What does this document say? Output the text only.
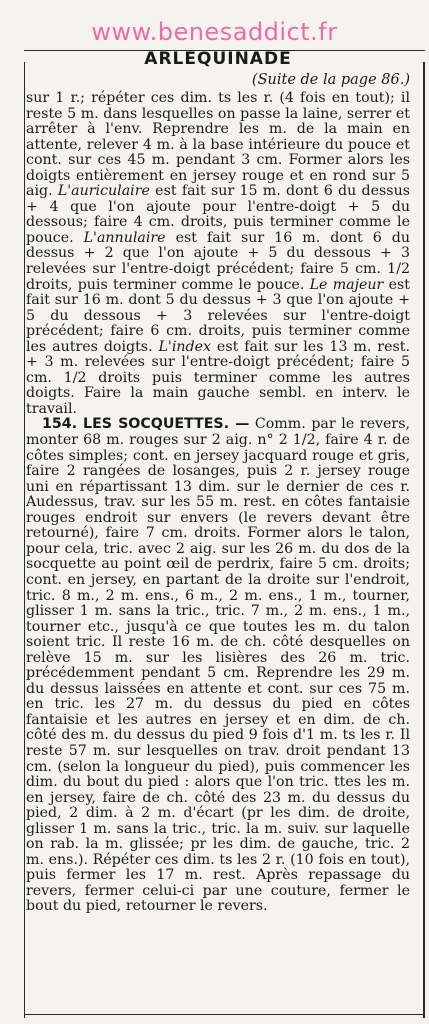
www.benesaddict.fr
ARLEQUINADE
(Suite de la page 86.)

sur 1 r.; répéter ces dim. ts les r. (4 fois en tout); il reste 5 m. dans lesquelles on passe la laine, serrer et arrêter à l'env. Reprendre les m. de la main en attente, relever 4 m. à la base intérieure du pouce et cont. sur ces 45 m. pendant 3 cm. Former alors les doigts entièrement en jersey rouge et en rond sur 5 aig. L'auriculaire est fait sur 15 m. dont 6 du dessus + 4 que l'on ajoute pour l'entre-doigt + 5 du dessous; faire 4 cm. droits, puis terminer comme le pouce. L'annulaire est fait sur 16 m. dont 6 du dessus + 2 que l'on ajoute + 5 du dessous + 3 relevées sur l'entre-doigt précédent; faire 5 cm. 1/2 droits, puis terminer comme le pouce. Le majeur est fait sur 16 m. dont 5 du dessus + 3 que l'on ajoute + 5 du dessous + 3 relevées sur l'entre-doigt précédent; faire 6 cm. droits, puis terminer comme les autres doigts. L'index est fait sur les 13 m. rest. + 3 m. relevées sur l'entre-doigt précédent; faire 5 cm. 1/2 droits puis terminer comme les autres doigts. Faire la main gauche sembl. en interv. le travail.

154. LES SOCQUETTES. — Comm. par le revers, monter 68 m. rouges sur 2 aig. n° 2 1/2, faire 4 r. de côtes simples; cont. en jersey jacquard rouge et gris, faire 2 rangées de losanges, puis 2 r. jersey rouge uni en répartissant 13 dim. sur le dernier de ces r. Audessus, trav. sur les 55 m. rest. en côtes fantaisie rouges endroit sur envers (le revers devant être retourné), faire 7 cm. droits. Former alors le talon, pour cela, tric. avec 2 aig. sur les 26 m. du dos de la socquette au point œil de perdrix, faire 5 cm. droits; cont. en jersey, en partant de la droite sur l'endroit, tric. 8 m., 2 m. ens., 6 m., 2 m. ens., 1 m., tourner, glisser 1 m. sans la tric., tric. 7 m., 2 m. ens., 1 m., tourner etc., jusqu'à ce que toutes les m. du talon soient tric. Il reste 16 m. de ch. côté desquelles on relève 15 m. sur les lisières des 26 m. tric. précédemment pendant 5 cm. Reprendre les 29 m. du dessus laissées en attente et cont. sur ces 75 m. en tric. les 27 m. du dessus du pied en côtes fantaisie et les autres en jersey et en dim. de ch. côté des m. du dessus du pied 9 fois d'1 m. ts les r. Il reste 57 m. sur lesquelles on trav. droit pendant 13 cm. (selon la longueur du pied), puis commencer les dim. du bout du pied : alors que l'on tric. ttes les m. en jersey, faire de ch. côté des 23 m. du dessus du pied, 2 dim. à 2 m. d'écart (pr les dim. de droite, glisser 1 m. sans la tric., tric. la m. suiv. sur laquelle on rab. la m. glissée; pr les dim. de gauche, tric. 2 m. ens.). Répéter ces dim. ts les 2 r. (10 fois en tout), puis fermer les 17 m. rest. Après repassage du revers, fermer celui-ci par une couture, fermer le bout du pied, retourner le revers.
